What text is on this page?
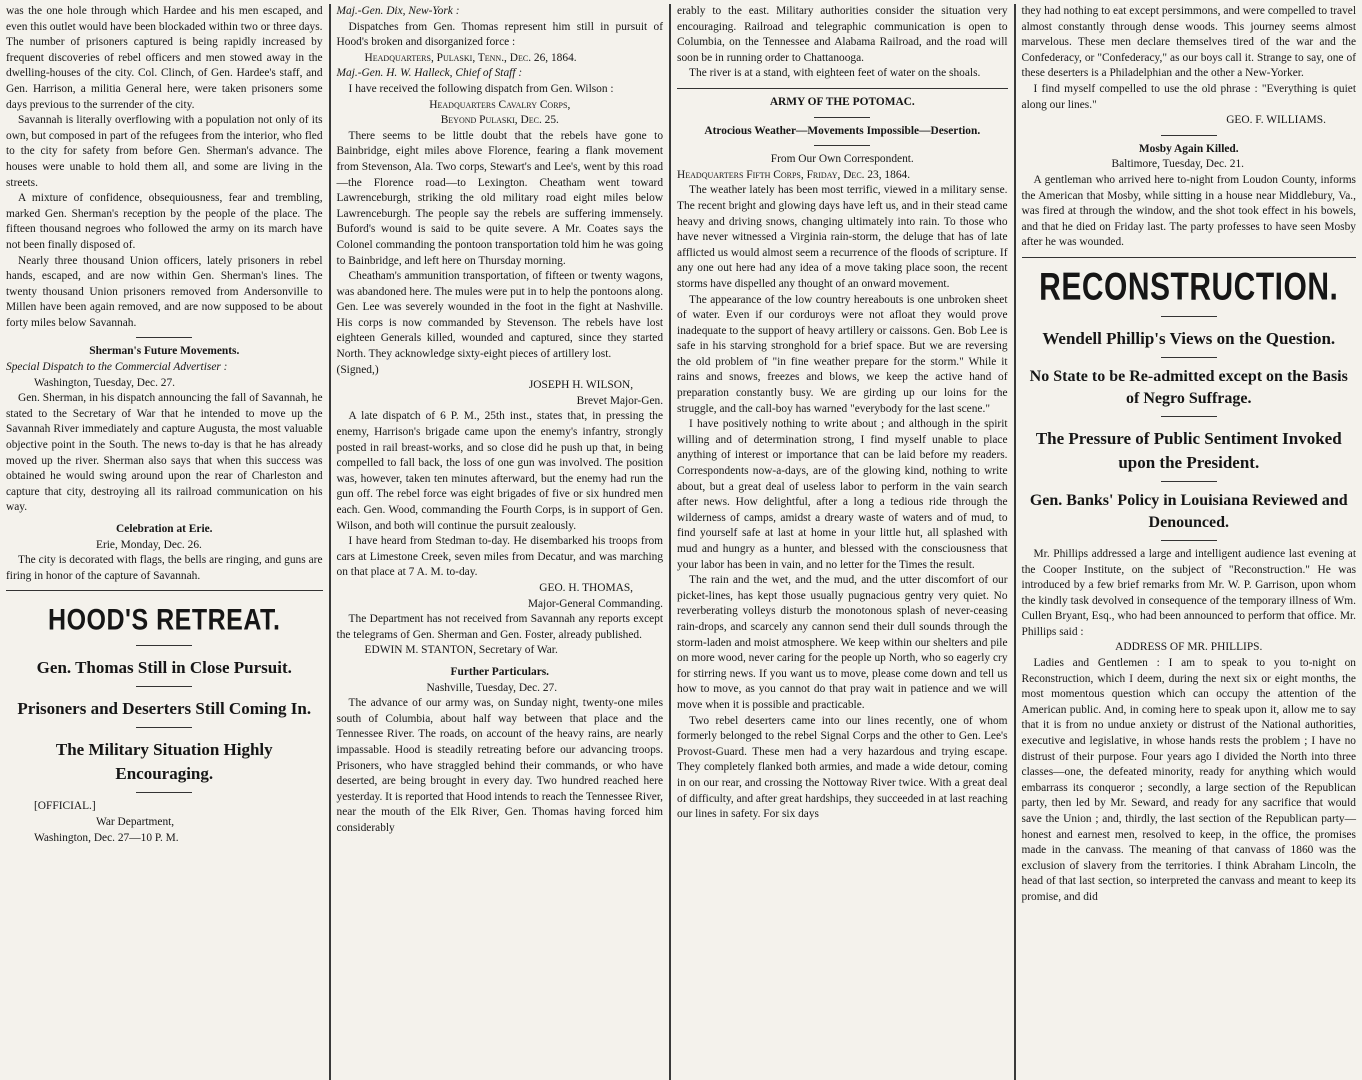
was the one hole through which Hardee and his men escaped, and even this outlet would have been blockaded within two or three days. The number of prisoners captured is being rapidly increased by frequent discoveries of rebel officers and men stowed away in the dwelling-houses of the city. Col. Clinch, of Gen. Hardee's staff, and Gen. Harrison, a militia General here, were taken prisoners some days previous to the surrender of the city.

Savannah is literally overflowing with a population not only of its own, but composed in part of the refugees from the interior, who fled to the city for safety from before Gen. Sherman's advance. The houses were unable to hold them all, and some are living in the streets.

A mixture of confidence, obsequiousness, fear and trembling, marked Gen. Sherman's reception by the people of the place. The fifteen thousand negroes who followed the army on its march have not been finally disposed of.

Nearly three thousand Union officers, lately prisoners in rebel hands, escaped, and are now within Gen. Sherman's lines. The twenty thousand Union prisoners removed from Andersonville to Millen have been again removed, and are now supposed to be about forty miles below Savannah.

Sherman's Future Movements.

Special Dispatch to the Commercial Advertiser :

Washington, Tuesday, Dec. 27.

Gen. Sherman, in his dispatch announcing the fall of Savannah, he stated to the Secretary of War that he intended to move up the Savannah River immediately and capture Augusta, the most valuable objective point in the South. The news to-day is that he has already moved up the river. Sherman also says that when this success was obtained he would swing around upon the rear of Charleston and capture that city, destroying all its railroad communication on his way.

Celebration at Erie.

Erie, Monday, Dec. 26.

The city is decorated with flags, the bells are ringing, and guns are firing in honor of the capture of Savannah.

HOOD'S RETREAT.
Gen. Thomas Still in Close Pursuit.
Prisoners and Deserters Still Coming In.
The Military Situation Highly Encouraging.

[OFFICIAL.]

War Department,

Washington, Dec. 27—10 P. M.

Maj.-Gen. Dix, New-York :

Dispatches from Gen. Thomas represent him still in pursuit of Hood's broken and disorganized force :

Headquarters, Pulaski, Tenn., Dec. 26, 1864.

Maj.-Gen. H. W. Halleck, Chief of Staff :

I have received the following dispatch from Gen. Wilson :

Headquarters Cavalry Corps,

Beyond Pulaski, Dec. 25.

There seems to be little doubt that the rebels have gone to Bainbridge, eight miles above Florence, fearing a flank movement from Stevenson, Ala. Two corps, Stewart's and Lee's, went by this road—the Florence road—to Lexington. Cheatham went toward Lawrenceburgh, striking the old military road eight miles below Lawrenceburgh. The people say the rebels are suffering immensely. Buford's wound is said to be quite severe. A Mr. Coates says the Colonel commanding the pontoon transportation told him he was going to Bainbridge, and left here on Thursday morning.

Cheatham's ammunition transportation, of fifteen or twenty wagons, was abandoned here. The mules were put in to help the pontoons along. Gen. Lee was severely wounded in the foot in the fight at Nashville. His corps is now commanded by Stevenson. The rebels have lost eighteen Generals killed, wounded and captured, since they started North. They acknowledge sixty-eight pieces of artillery lost.

(Signed,)

JOSEPH H. WILSON,

Brevet Major-Gen.

A late dispatch of 6 P. M., 25th inst., states that, in pressing the enemy, Harrison's brigade came upon the enemy's infantry, strongly posted in rail breast-works, and so close did he push up that, in being compelled to fall back, the loss of one gun was involved. The position was, however, taken ten minutes afterward, but the enemy had run the gun off. The rebel force was eight brigades of five or six hundred men each. Gen. Wood, commanding the Fourth Corps, is in support of Gen. Wilson, and both will continue the pursuit zealously.

I have heard from Stedman to-day. He disembarked his troops from cars at Limestone Creek, seven miles from Decatur, and was marching on that place at 7 A. M. to-day.

GEO. H. THOMAS,

Major-General Commanding.

The Department has not received from Savannah any reports except the telegrams of Gen. Sherman and Gen. Foster, already published.

EDWIN M. STANTON, Secretary of War.

Further Particulars.

Nashville, Tuesday, Dec. 27.

The advance of our army was, on Sunday night, twenty-one miles south of Columbia, about half way between that place and the Tennessee River. The roads, on account of the heavy rains, are nearly impassable. Hood is steadily retreating before our advancing troops. Prisoners, who have straggled behind their commands, or who have deserted, are being brought in every day. Two hundred reached here yesterday. It is reported that Hood intends to reach the Tennessee River, near the mouth of the Elk River, Gen. Thomas having forced him considerably

erably to the east. Military authorities consider the situation very encouraging. Railroad and telegraphic communication is open to Columbia, on the Tennessee and Alabama Railroad, and the road will soon be in running order to Chattanooga.

The river is at a stand, with eighteen feet of water on the shoals.

ARMY OF THE POTOMAC.

Atrocious Weather—Movements Impossible—Desertion.

From Our Own Correspondent.

Headquarters Fifth Corps, Friday, Dec. 23, 1864.

The weather lately has been most terrific, viewed in a military sense. The recent bright and glowing days have left us, and in their stead came heavy and driving snows, changing ultimately into rain. To those who have never witnessed a Virginia rain-storm, the deluge that has of late afflicted us would almost seem a recurrence of the floods of scripture. If any one out here had any idea of a move taking place soon, the recent storms have dispelled any thought of an onward movement.

The appearance of the low country hereabouts is one unbroken sheet of water. Even if our corduroys were not afloat they would prove inadequate to the support of heavy artillery or caissons. Gen. Bob Lee is safe in his starving stronghold for a brief space. But we are reversing the old problem of "in fine weather prepare for the storm." While it rains and snows, freezes and blows, we keep the active hand of preparation constantly busy. We are girding up our loins for the struggle, and the call-boy has warned "everybody for the last scene."

I have positively nothing to write about ; and although in the spirit willing and of determination strong, I find myself unable to place anything of interest or importance that can be laid before my readers. Correspondents now-a-days, are of the glowing kind, nothing to write about, but a great deal of useless labor to perform in the vain search after news. How delightful, after a long a tedious ride through the wilderness of camps, amidst a dreary waste of waters and of mud, to find yourself safe at last at home in your little hut, all splashed with mud and hungry as a hunter, and blessed with the consciousness that your labor has been in vain, and no letter for the Times the result.

The rain and the wet, and the mud, and the utter discomfort of our picket-lines, has kept those usually pugnacious gentry very quiet. No reverberating volleys disturb the monotonous splash of never-ceasing rain-drops, and scarcely any cannon send their dull sounds through the storm-laden and moist atmosphere. We keep within our shelters and pile on more wood, never caring for the people up North, who so eagerly cry for stirring news. If you want us to move, please come down and tell us how to move, as you cannot do that pray wait in patience and we will move when it is possible and practicable.

Two rebel deserters came into our lines recently, one of whom formerly belonged to the rebel Signal Corps and the other to Gen. Lee's Provost-Guard. These men had a very hazardous and trying escape. They completely flanked both armies, and made a wide detour, coming in on our rear, and crossing the Nottoway River twice. With a great deal of difficulty, and after great hardships, they succeeded in at last reaching our lines in safety. For six days

they had nothing to eat except persimmons, and were compelled to travel almost constantly through dense woods. This journey seems almost marvelous. These men declare themselves tired of the war and the Confederacy, or "Confederacy," as our boys call it. Strange to say, one of these deserters is a Philadelphian and the other a New-Yorker.

I find myself compelled to use the old phrase : "Everything is quiet along our lines."

GEO. F. WILLIAMS.

Mosby Again Killed.

Baltimore, Tuesday, Dec. 21.

A gentleman who arrived here to-night from Loudon County, informs the American that Mosby, while sitting in a house near Middlebury, Va., was fired at through the window, and the shot took effect in his bowels, and that he died on Friday last. The party professes to have seen Mosby after he was wounded.

RECONSTRUCTION.
Wendell Phillip's Views on the Question.
No State to be Re-admitted except on the Basis of Negro Suffrage.
The Pressure of Public Sentiment Invoked upon the President.
Gen. Banks' Policy in Louisiana Reviewed and Denounced.

Mr. Phillips addressed a large and intelligent audience last evening at the Cooper Institute, on the subject of "Reconstruction." He was introduced by a few brief remarks from Mr. W. P. Garrison, upon whom the kindly task devolved in consequence of the temporary illness of Wm. Cullen Bryant, Esq., who had been announced to perform that office. Mr. Phillips said :

ADDRESS OF MR. PHILLIPS.

Ladies and Gentlemen : I am to speak to you to-night on Reconstruction, which I deem, during the next six or eight months, the most momentous question which can occupy the attention of the American public. And, in coming here to speak upon it, allow me to say that it is from no undue anxiety or distrust of the National authorities, executive and legislative, in whose hands rests the problem ; I have no distrust of their purpose. Four years ago I divided the North into three classes—one, the defeated minority, ready for anything which would embarrass its conqueror ; secondly, a large section of the Republican party, then led by Mr. Seward, and ready for any sacrifice that would save the Union ; and, thirdly, the last section of the Republican party—honest and earnest men, resolved to keep, in the office, the promises made in the canvass. The meaning of that canvass of 1860 was the exclusion of slavery from the territories. I think Abraham Lincoln, the head of that last section, so interpreted the canvass and meant to keep its promise, and did
